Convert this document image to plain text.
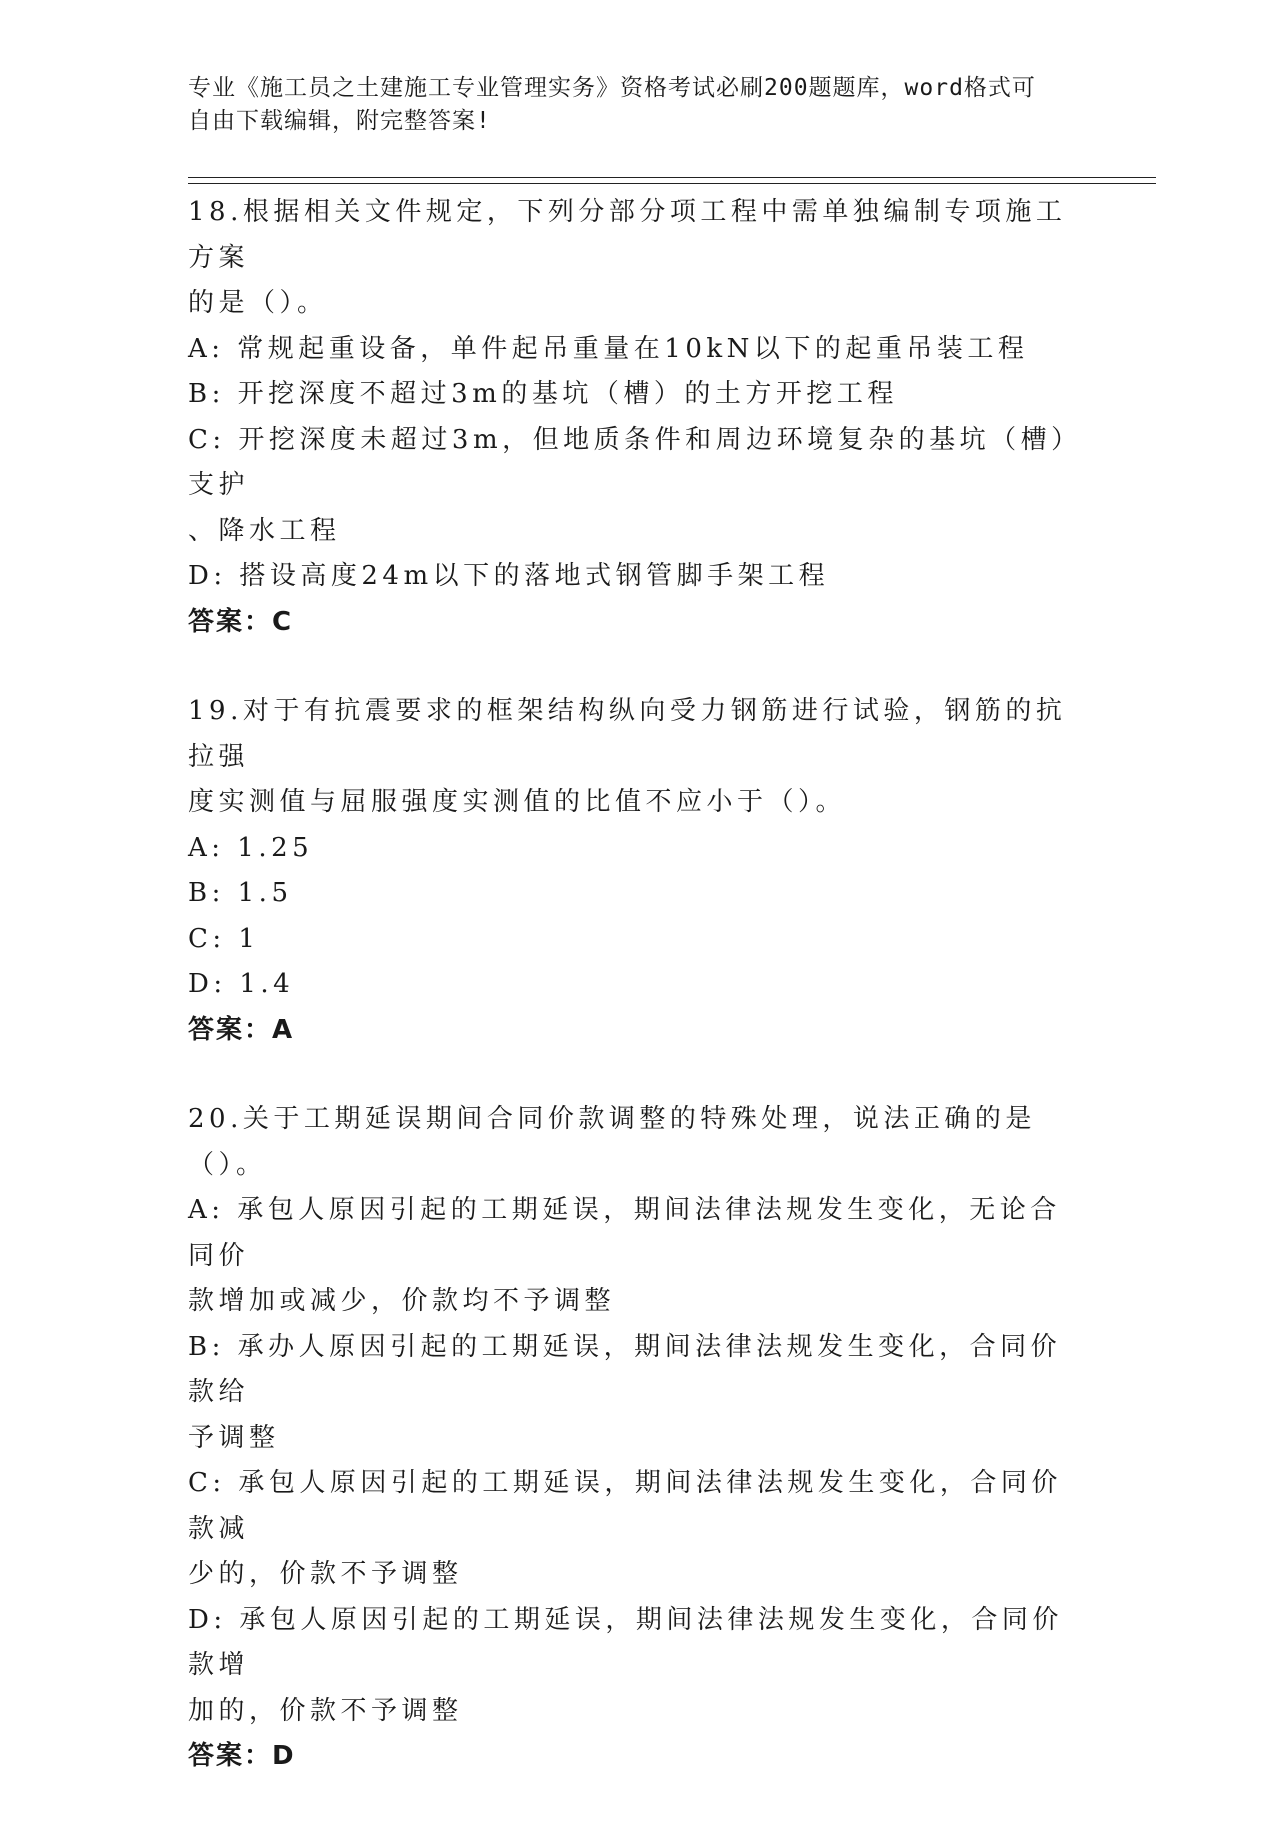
专业《施工员之土建施工专业管理实务》资格考试必刷200题题库，word格式可
自由下载编辑，附完整答案!
18.根据相关文件规定，下列分部分项工程中需单独编制专项施工方案
的是（）。
A: 常规起重设备，单件起吊重量在10kN以下的起重吊装工程
B: 开挖深度不超过3m的基坑（槽）的土方开挖工程
C: 开挖深度未超过3m，但地质条件和周边环境复杂的基坑（槽）支护
、降水工程
D: 搭设高度24m以下的落地式钢管脚手架工程
答案：C
19.对于有抗震要求的框架结构纵向受力钢筋进行试验，钢筋的抗拉强
度实测值与屈服强度实测值的比值不应小于（）。
A: 1.25
B: 1.5
C: 1
D: 1.4
答案：A
20.关于工期延误期间合同价款调整的特殊处理，说法正确的是（）。
A: 承包人原因引起的工期延误，期间法律法规发生变化，无论合同价
款增加或减少，价款均不予调整
B: 承办人原因引起的工期延误，期间法律法规发生变化，合同价款给
予调整
C: 承包人原因引起的工期延误，期间法律法规发生变化，合同价款减
少的，价款不予调整
D: 承包人原因引起的工期延误，期间法律法规发生变化，合同价款增
加的，价款不予调整
答案：D
